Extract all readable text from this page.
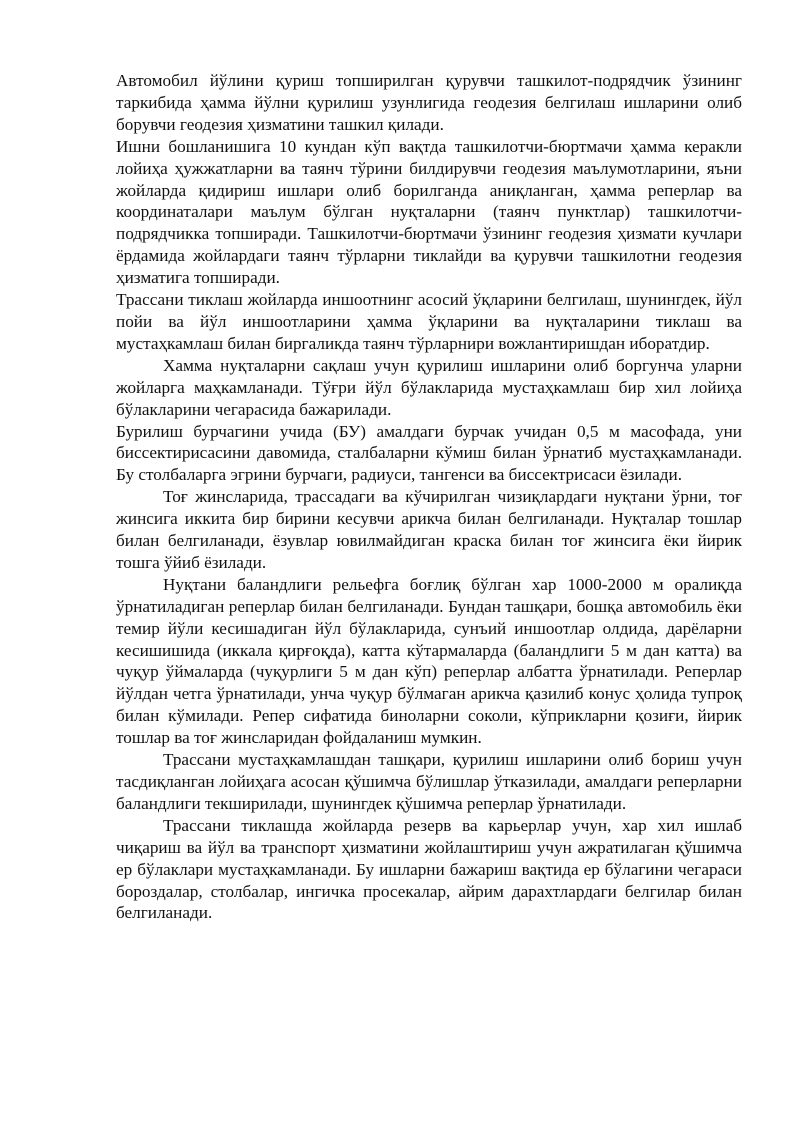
Автомобил йўлини қуриш топширилган қурувчи ташкилот-подрядчик ўзининг таркибида ҳамма йўлни қурилиш узунлигида геодезия белгилаш ишларини олиб борувчи геодезия ҳизматини ташкил қилади.

Ишни бошланишига 10 кундан кўп вақтда ташкилотчи-бюртмачи ҳамма керакли лойиҳа ҳужжатларни ва таянч тўрини билдирувчи геодезия маълумотларини, яъни жойларда қидириш ишлари олиб борилганда аниқланган, ҳамма реперлар ва координаталари маълум бўлган нуқталарни (таянч пунктлар) ташкилотчи-подрядчикка топширади. Ташкилотчи-бюртмачи ўзининг геодезия ҳизмати кучлари ёрдамида жойлардаги таянч тўрларни тиклайди ва қурувчи ташкилотни геодезия ҳизматига топширади.

Трассани тиклаш жойларда иншоотнинг асосий ўқларини белгилаш, шунингдек, йўл пойи ва йўл иншоотларини ҳамма ўқларини ва нуқталарини тиклаш ва мустаҳкамлаш билан биргаликда таянч тўрларнири вожлантиришдан иборатдир.

Хамма нуқталарни сақлаш учун қурилиш ишларини олиб боргунча уларни жойларга маҳкамланади. Тўғри йўл бўлакларида мустаҳкамлаш бир хил лойиҳа бўлакларини чегарасида бажарилади.

Бурилиш бурчагини учида (БУ) амалдаги бурчак учидан 0,5 м масофада, уни биссектирисасини давомида, сталбаларни кўмиш билан ўрнатиб мустаҳкамланади. Бу столбаларга эгрини бурчаги, радиуси, тангенси ва биссектрисаси ёзилади.

Тоғ жинсларида, трассадаги ва кўчирилган чизиқлардаги нуқтани ўрни, тоғ жинсига иккита бир бирини кесувчи арикча билан белгиланади. Нуқталар тошлар билан белгиланади, ёзувлар ювилмайдиган краска билан тоғ жинсига ёки йирик тошга ўйиб ёзилади.

Нуқтани баландлиги рельефга боғлиқ бўлган хар 1000-2000 м оралиқда ўрнатиладиган реперлар билан белгиланади. Бундан ташқари, бошқа автомобиль ёки темир йўли кесишадиган йўл бўлакларида, сунъий иншоотлар олдида, дарёларни кесишишида (иккала қирғоқда), катта кўтармаларда (баландлиги 5 м дан катта) ва чуқур ўймаларда (чуқурлиги 5 м дан кўп) реперлар албатта ўрнатилади. Реперлар йўлдан четга ўрнатилади, унча чуқур бўлмаган арикча қазилиб конус ҳолида тупроқ билан кўмилади. Репер сифатида биноларни соколи, кўприкларни қозиғи, йирик тошлар ва тоғ жинсларидан фойдаланиш мумкин.

Трассани мустаҳкамлашдан ташқари, қурилиш ишларини олиб бориш учун тасдиқланган лойиҳага асосан қўшимча бўлишлар ўтказилади, амалдаги реперларни баландлиги текширилади, шунингдек қўшимча реперлар ўрнатилади.

Трассани тиклашда жойларда резерв ва карьерлар учун, хар хил ишлаб чиқариш ва йўл ва транспорт ҳизматини жойлаштириш учун ажратилаган қўшимча ер бўлаклари мустаҳкамланади. Бу ишларни бажариш вақтида ер бўлагини чегараси бороздалар, столбалар, ингичка просекалар, айрим дарахтлардаги белгилар билан белгиланади.
